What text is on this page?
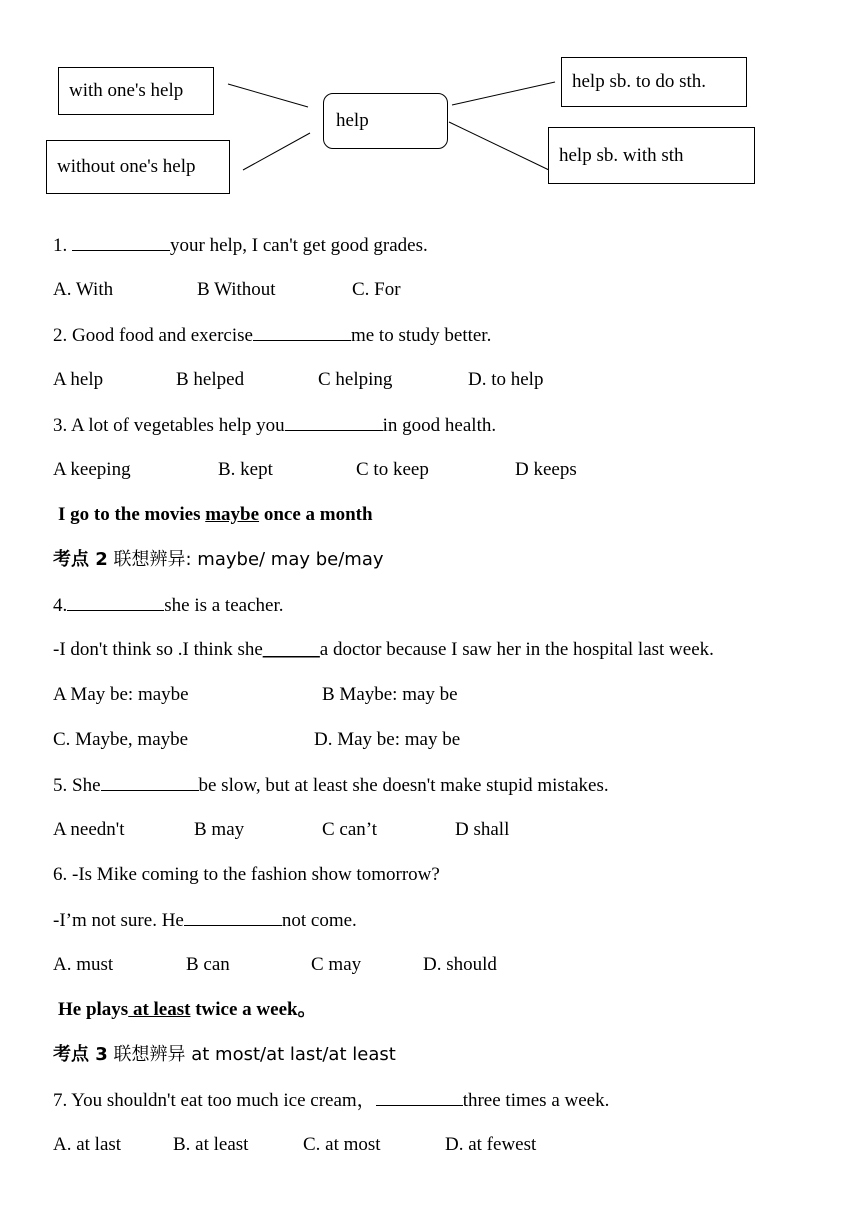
with one's help
without one's help
help
help sb. to do sth.
help sb. with sth
1.	your help, I can't get good grades.
A. With	B Without	C. For
2. Good food and exercise	me to study better.
A help	B helped	C helping	D. to help
3. A lot of vegetables help you	in good health.
A keeping	B. kept	C to keep	D keeps
I go to the movies maybe once a month
考点 2 联想辨异: maybe/ may be/may
4.	she is a teacher.
-I don't think so .I think she______a doctor because I saw her in the hospital last week.
A May be: maybe	B Maybe: may be
C. Maybe, maybe	D. May be: may be
5. She	be slow, but at least she doesn't make stupid mistakes.
A needn't	B may	C can’t	D shall
6. -Is Mike coming to the fashion show tomorrow?
-I’m not sure. He	not come.
A. must	B can	C may	D. should
He plays at least twice a week。
考点 3 联想辨异 at most/at last/at least
7. You shouldn't eat too much ice cream，	three times a week.
A. at last	B. at least	C. at most	D. at fewest
